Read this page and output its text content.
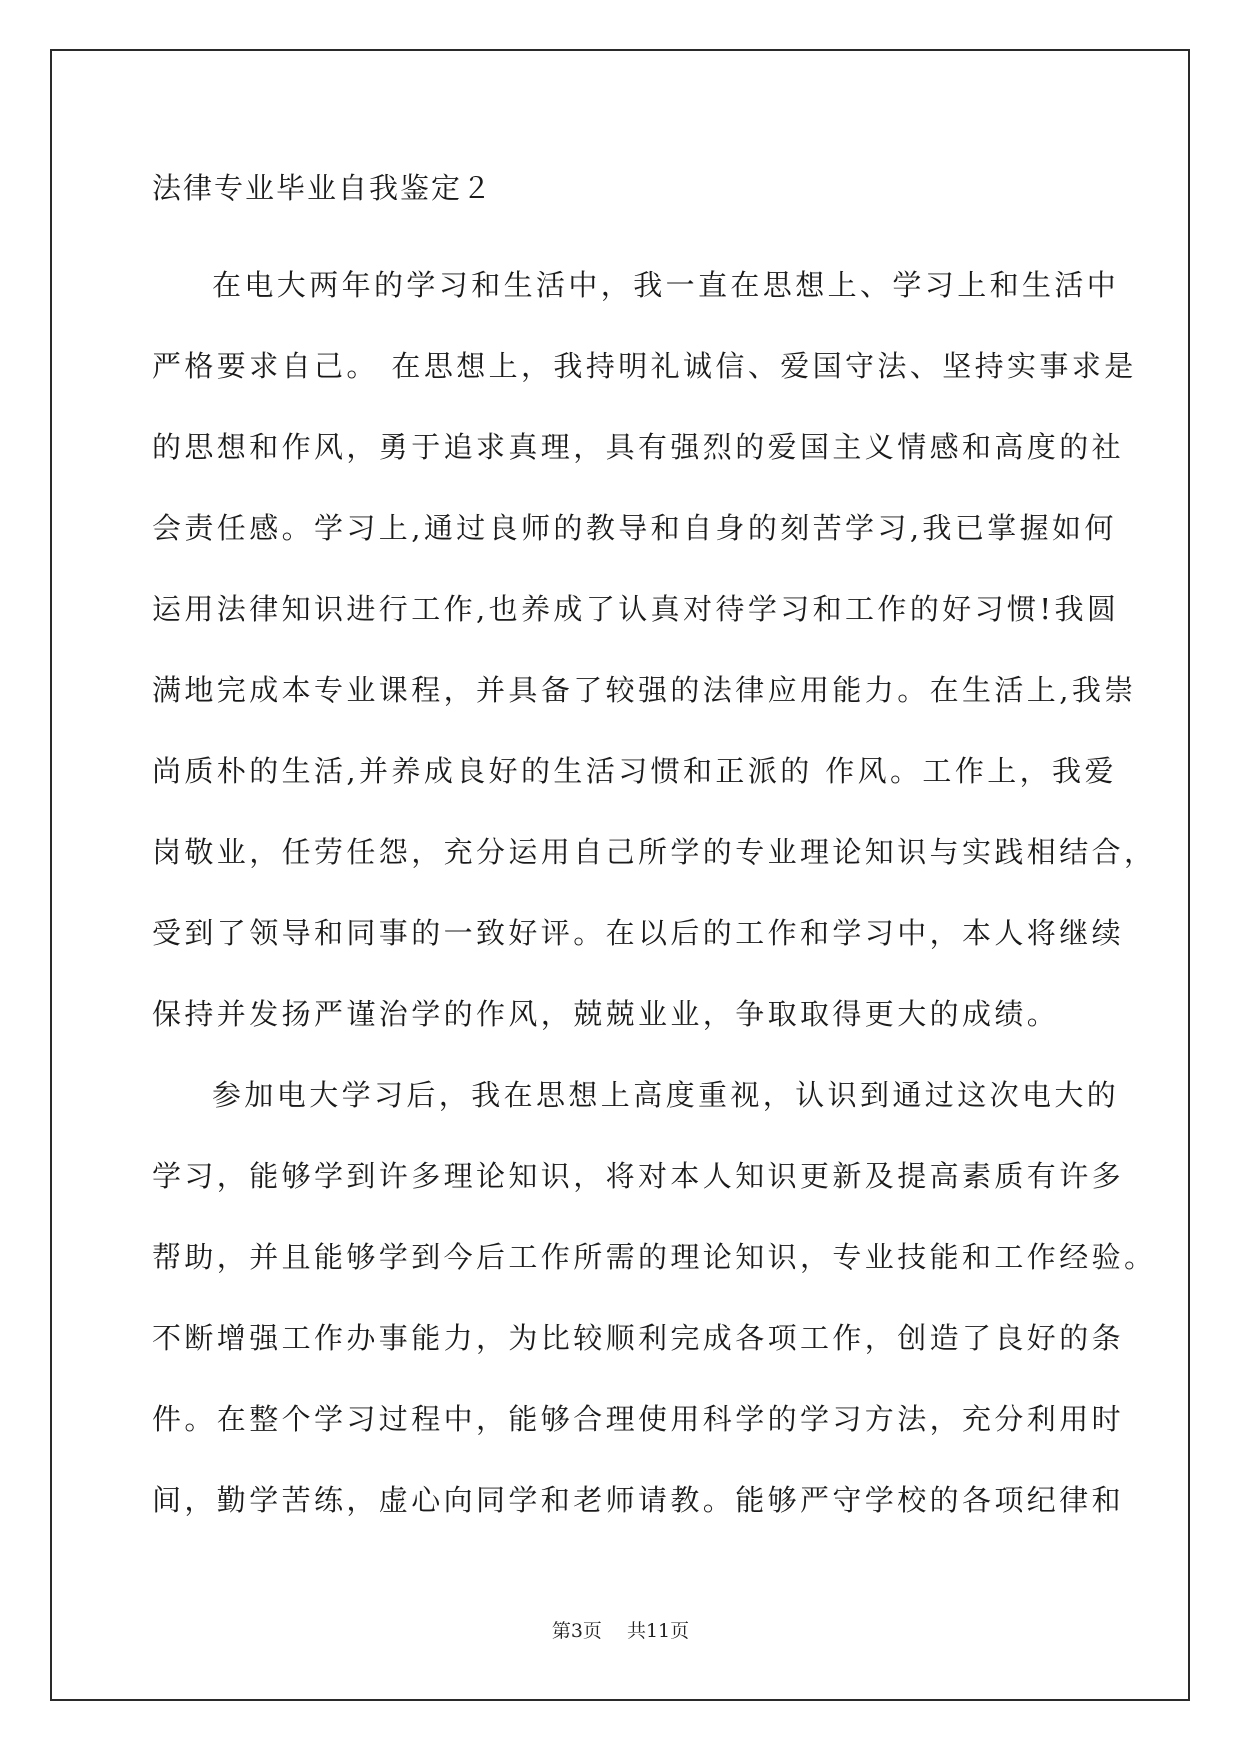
法律专业毕业自我鉴定２
在电大两年的学习和生活中，我一直在思想上、学习上和生活中
严格要求自己。 在思想上，我持明礼诚信、爱国守法、坚持实事求是
的思想和作风，勇于追求真理，具有强烈的爱国主义情感和高度的社
会责任感。学习上,通过良师的教导和自身的刻苦学习,我已掌握如何
运用法律知识进行工作,也养成了认真对待学习和工作的好习惯!我圆
满地完成本专业课程，并具备了较强的法律应用能力。在生活上,我崇
尚质朴的生活,并养成良好的生活习惯和正派的 作风。工作上，我爱
岗敬业，任劳任怨，充分运用自己所学的专业理论知识与实践相结合，
受到了领导和同事的一致好评。在以后的工作和学习中，本人将继续
保持并发扬严谨治学的作风，兢兢业业，争取取得更大的成绩。
参加电大学习后，我在思想上高度重视，认识到通过这次电大的
学习，能够学到许多理论知识，将对本人知识更新及提高素质有许多
帮助，并且能够学到今后工作所需的理论知识，专业技能和工作经验。
不断增强工作办事能力，为比较顺利完成各项工作，创造了良好的条
件。在整个学习过程中，能够合理使用科学的学习方法，充分利用时
间，勤学苦练，虚心向同学和老师请教。能够严守学校的各项纪律和
第3页　 共11页
